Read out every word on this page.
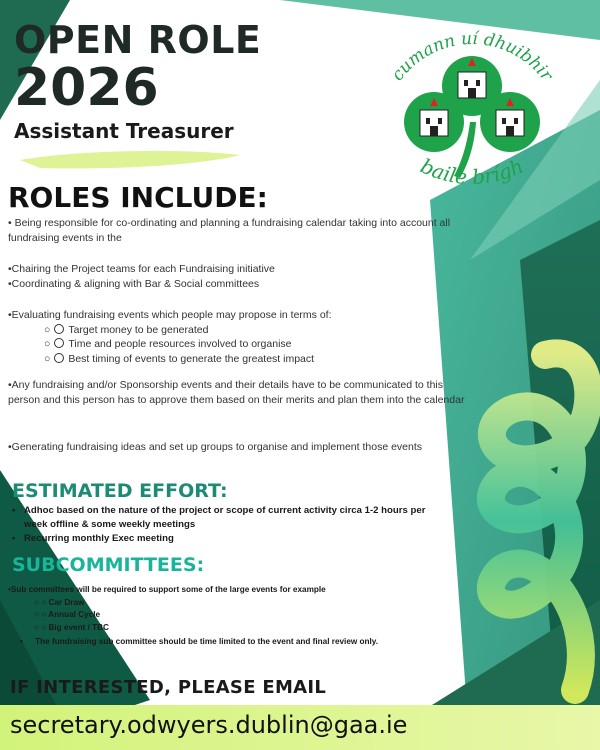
cumann uí dhuibhir
baile brígh
OPEN ROLE
2026
Assistant Treasurer
ROLES INCLUDE:
• Being responsible for co-ordinating and planning a fundraising calendar taking into account all fundraising events in the
•Chairing the Project teams for each Fundraising initiative
•Coordinating & aligning with Bar & Social committees
•Evaluating fundraising events which people may propose in terms of:
○ Target money to be generated
○ Time and people resources involved to organise
○ Best timing of events to generate the greatest impact
•Any fundraising and/or Sponsorship events and their details have to be communicated to this person and this person has to approve them based on their merits and plan them into the calendar
•Generating fundraising ideas and set up groups to organise and implement those events
ESTIMATED EFFORT:
• Adhoc based on the nature of the project or scope of current activity circa 1-2 hours per week offline & some weekly meetings
• Recurring monthly Exec meeting
SUBCOMMITTEES:
•Sub committees will be required to support some of the large events for example
○ ○ Car Draw
○ ○ Annual Cycle
○ ○ Big event / TBC
• The fundraising sub committee should be time limited to the event and final review only.
IF INTERESTED, PLEASE EMAIL
secretary.odwyers.dublin@gaa.ie
